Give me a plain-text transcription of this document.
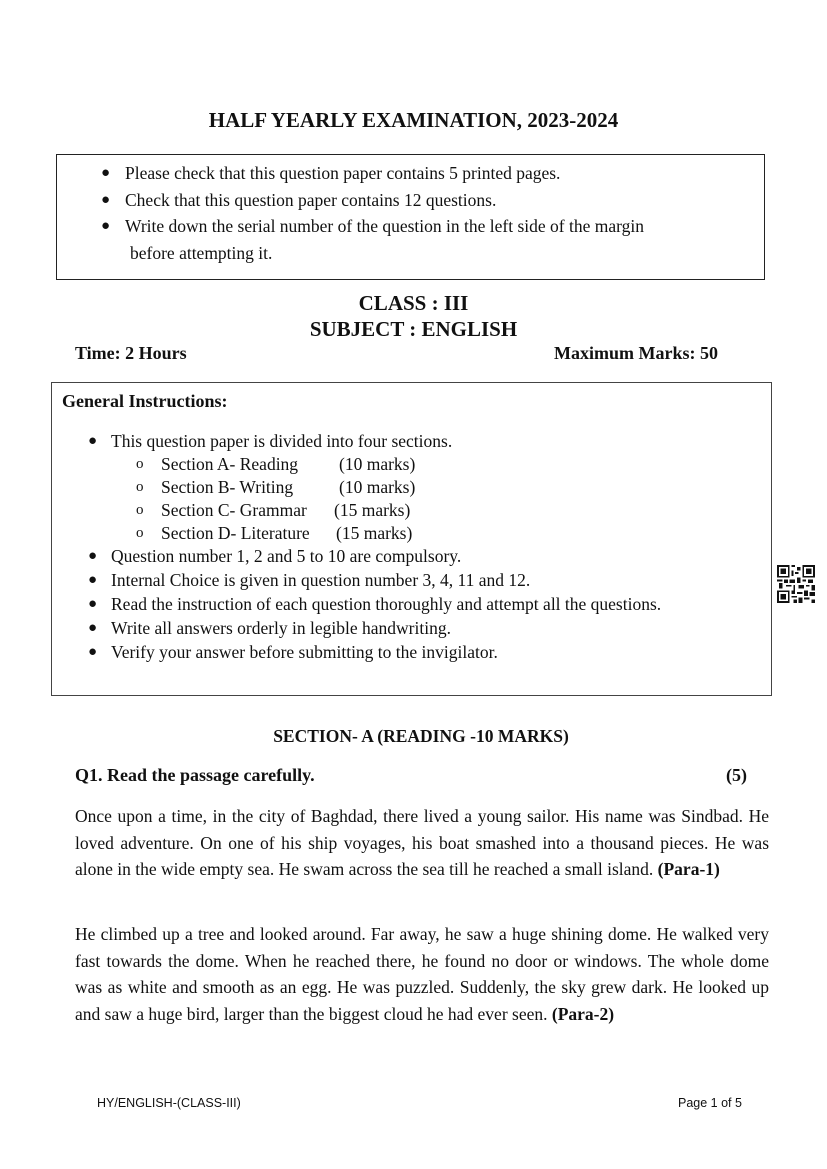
HALF YEARLY EXAMINATION, 2023-2024
● Please check that this question paper contains 5 printed pages.
● Check that this question paper contains 12 questions.
● Write down the serial number of the question in the left side of the margin
before attempting it.
CLASS : III
SUBJECT : ENGLISH
Time: 2 Hours	Maximum Marks: 50
General Instructions:
● This question paper is divided into four sections.
o Section A- Reading (10 marks)
o Section B- Writing	(10 marks)
o Section C- Grammar (15 marks)
o Section D- Literature (15 marks)
● Question number 1, 2 and 5 to 10 are compulsory.
● Internal Choice is given in question number 3, 4, 11 and 12.
● Read the instruction of each question thoroughly and attempt all the questions.
● Write all answers orderly in legible handwriting.
● Verify your answer before submitting to the invigilator.
SECTION- A (READING -10 MARKS)
Q1. Read the passage carefully.	(5)
Once upon a time, in the city of Baghdad, there lived a young sailor. His name was Sindbad. He loved adventure. On one of his ship voyages, his boat smashed into a thousand pieces. He was alone in the wide empty sea. He swam across the sea till he reached a small island. (Para-1)
He climbed up a tree and looked around. Far away, he saw a huge shining dome. He walked very fast towards the dome. When he reached there, he found no door or windows. The whole dome was as white and smooth as an egg. He was puzzled. Suddenly, the sky grew dark. He looked up and saw a huge bird, larger than the biggest cloud he had ever seen. (Para-2)
HY/ENGLISH-(CLASS-III)	Page 1 of 5
